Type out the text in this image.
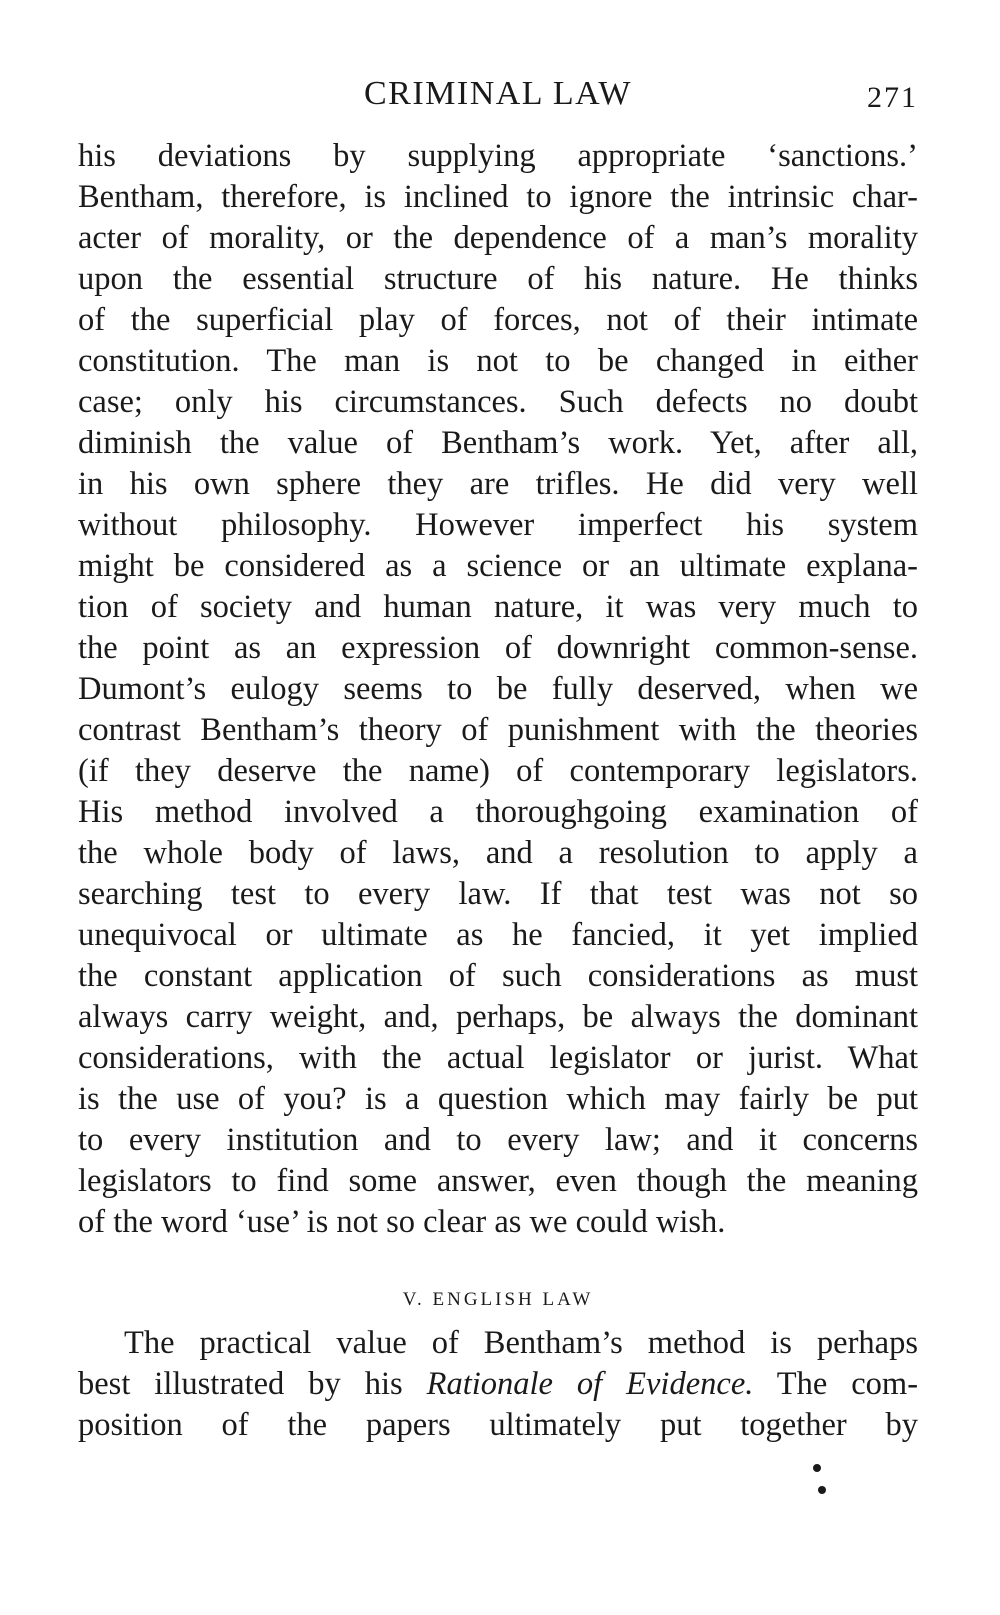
CRIMINAL LAW	271
his deviations by supplying appropriate ‘sanctions.’
Bentham, therefore, is inclined to ignore the intrinsic char-
acter of morality, or the dependence of a man’s morality
upon the essential structure of his nature. He thinks
of the superficial play of forces, not of their intimate
constitution. The man is not to be changed in either
case; only his circumstances. Such defects no doubt
diminish the value of Bentham’s work. Yet, after all,
in his own sphere they are trifles. He did very well
without philosophy. However imperfect his system
might be considered as a science or an ultimate explana-
tion of society and human nature, it was very much to
the point as an expression of downright common-sense.
Dumont’s eulogy seems to be fully deserved, when we
contrast Bentham’s theory of punishment with the theories
(if they deserve the name) of contemporary legislators.
His method involved a thoroughgoing examination of
the whole body of laws, and a resolution to apply a
searching test to every law. If that test was not so
unequivocal or ultimate as he fancied, it yet implied
the constant application of such considerations as must
always carry weight, and, perhaps, be always the dominant
considerations, with the actual legislator or jurist. What
is the use of you? is a question which may fairly be put
to every institution and to every law; and it concerns
legislators to find some answer, even though the meaning
of the word ‘use’ is not so clear as we could wish.
V. ENGLISH LAW
The practical value of Bentham’s method is perhaps
best illustrated by his Rationale of Evidence. The com-
position of the papers ultimately put together by
